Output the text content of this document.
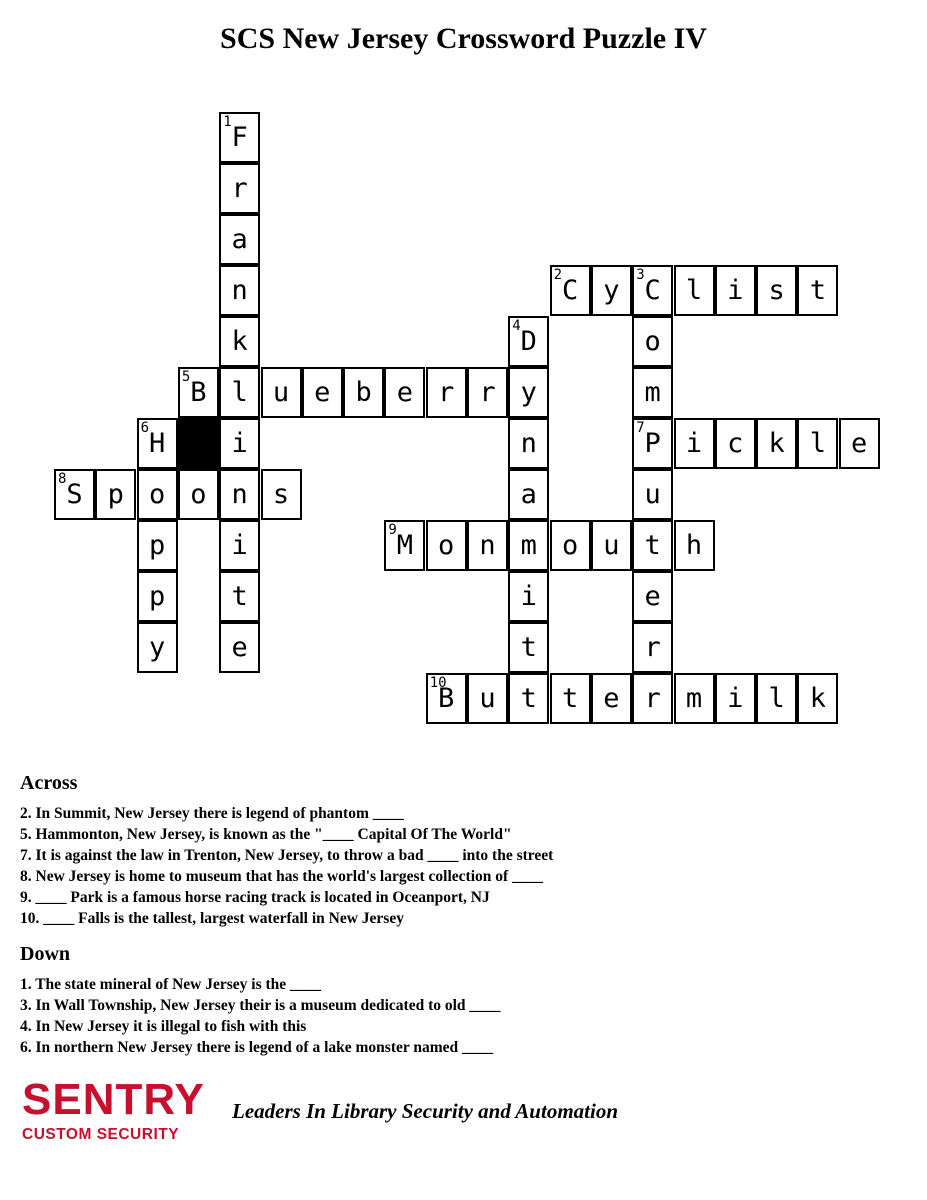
SCS New Jersey Crossword Puzzle IV
1 F
r
a
n
k
l
i
n
i
t
e
2 C y	3 C l i s t
o
m
7 P
u
t
e
r
r
4 D
y
n
a
m
i
t
t
5 B	u e b e r r
6 H
o
p
p
y
i c k l e
8 S p	o	s
9 M o n	o u	h
10
B u	t e	m i l k
Across
2. In Summit, New Jersey there is legend of phantom ____
5. Hammonton, New Jersey, is known as the "____ Capital Of The World"
7. It is against the law in Trenton, New Jersey, to throw a bad ____ into the street
8. New Jersey is home to museum that has the world's largest collection of ____
9. ____ Park is a famous horse racing track is located in Oceanport, NJ
10. ____ Falls is the tallest, largest waterfall in New Jersey
Down
1. The state mineral of New Jersey is the ____
3. In Wall Township, New Jersey their is a museum dedicated to old ____
4. In New Jersey it is illegal to fish with this
6. In northern New Jersey there is legend of a lake monster named ____
SENTRY
CUSTOM SECURITY
Leaders In Library Security and Automation
